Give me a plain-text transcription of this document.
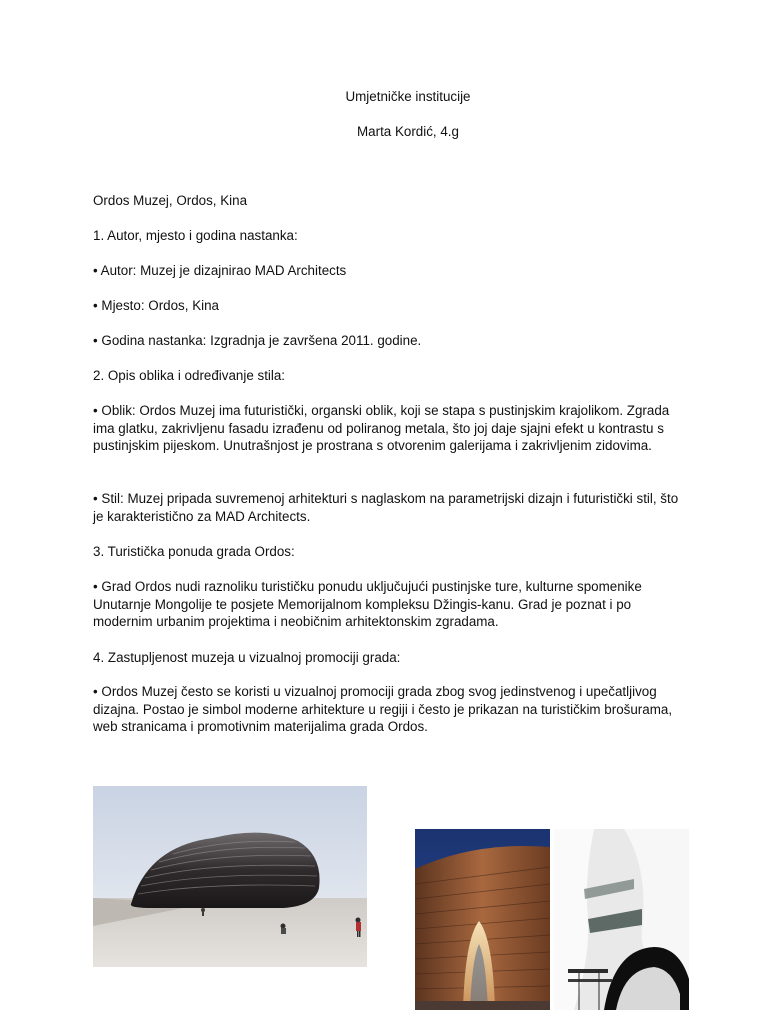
Umjetničke institucije
Marta Kordić, 4.g
Ordos Muzej, Ordos, Kina
1. Autor, mjesto i godina nastanka:
• Autor: Muzej je dizajnirao MAD Architects
• Mjesto: Ordos, Kina
• Godina nastanka: Izgradnja je završena 2011. godine.
2. Opis oblika i određivanje stila:
• Oblik: Ordos Muzej ima futuristički, organski oblik, koji se stapa s pustinjskim krajolikom. Zgrada ima glatku, zakrivljenu fasadu izrađenu od poliranog metala, što joj daje sjajni efekt u kontrastu s pustinjskim pijeskom. Unutrašnjost je prostrana s otvorenim galerijama i zakrivljenim zidovima.
• Stil: Muzej pripada suvremenoj arhitekturi s naglaskom na parametrijski dizajn i futuristički stil, što je karakteristično za MAD Architects.
3. Turistička ponuda grada Ordos:
• Grad Ordos nudi raznoliku turističku ponudu uključujući pustinjske ture, kulturne spomenike Unutarnje Mongolije te posjete Memorijalnom kompleksu Džingis-kanu. Grad je poznat i po modernim urbanim projektima i neobičnim arhitektonskim zgradama.
4. Zastupljenost muzeja u vizualnoj promociji grada:
• Ordos Muzej često se koristi u vizualnoj promociji grada zbog svog jedinstvenog i upečatljivog dizajna. Postao je simbol moderne arhitekture u regiji i često je prikazan na turističkim brošurama, web stranicama i promotivnim materijalima grada Ordos.
